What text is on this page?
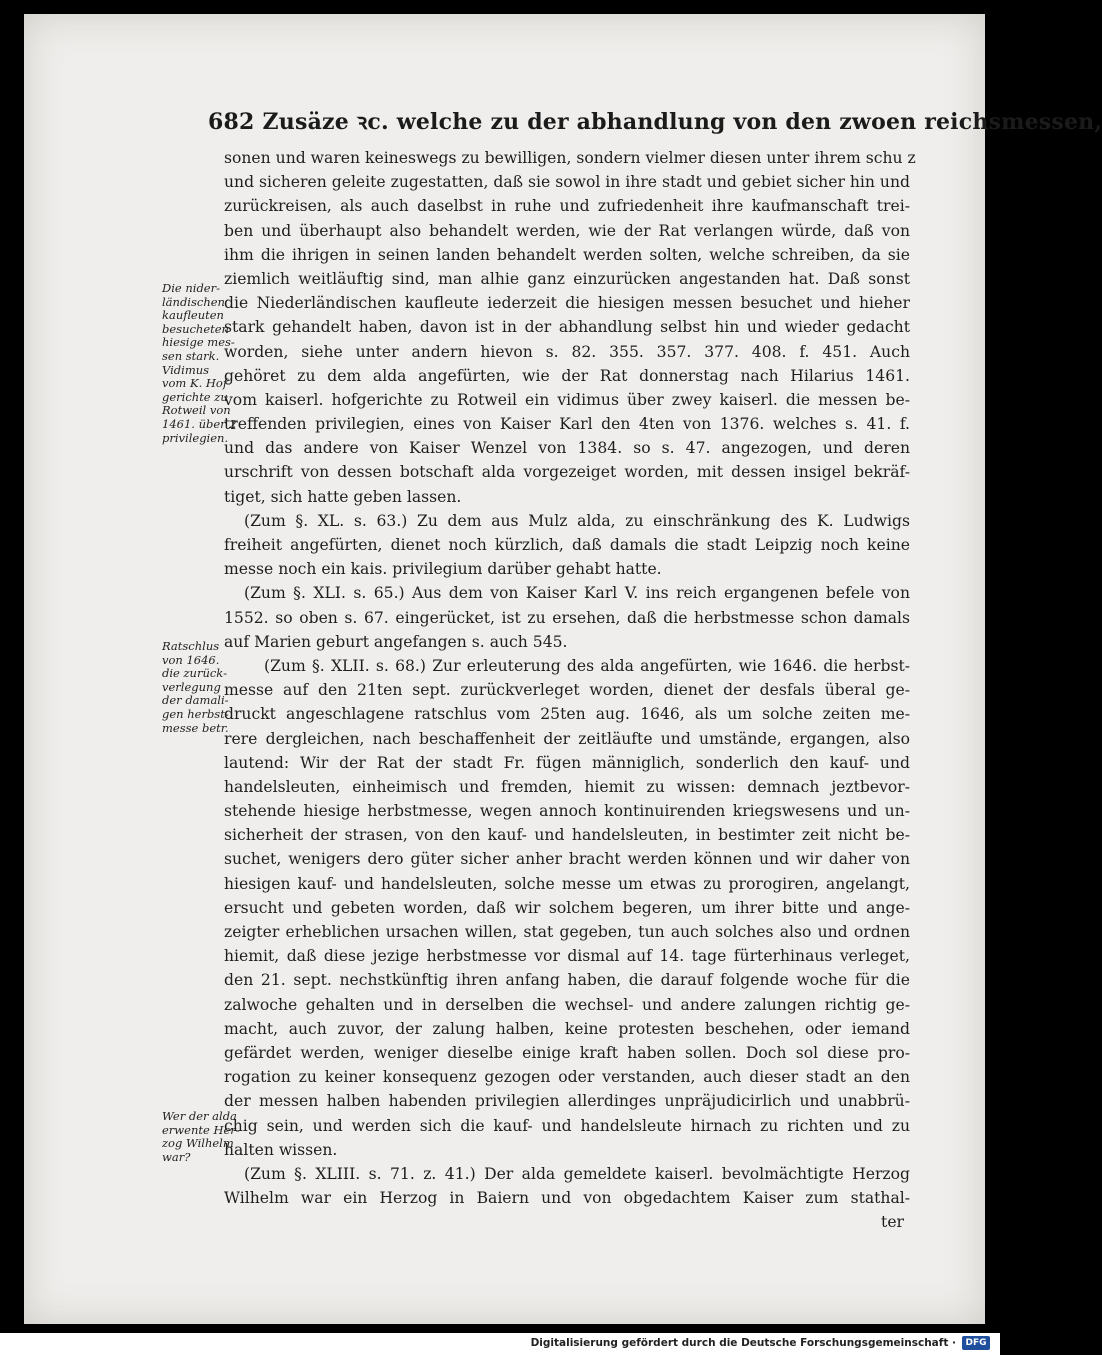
682 Zusäze ꝛc. welche zu der abhandlung von den zwoen reichsmessen,
sonen und waren keineswegs zu bewilligen, sondern vielmer diesen unter ihrem schu z
und sicheren geleite zugestatten, daß sie sowol in ihre stadt und gebiet sicher hin und
zurückreisen, als auch daselbst in ruhe und zufriedenheit ihre kaufmanschaft trei-
ben und überhaupt also behandelt werden, wie der Rat verlangen würde, daß von
ihm die ihrigen in seinen landen behandelt werden solten, welche schreiben, da sie
ziemlich weitläuftig sind, man alhie ganz einzurücken angestanden hat. Daß sonst
die Niederländischen kaufleute iederzeit die hiesigen messen besuchet und hieher
stark gehandelt haben, davon ist in der abhandlung selbst hin und wieder gedacht
worden, siehe unter andern hievon s. 82. 355. 357. 377. 408. f. 451. Auch
gehöret zu dem alda angefürten, wie der Rat donnerstag nach Hilarius 1461.
vom kaiserl. hofgerichte zu Rotweil ein vidimus über zwey kaiserl. die messen be-
treffenden privilegien, eines von Kaiser Karl den 4ten von 1376. welches s. 41. f.
und das andere von Kaiser Wenzel von 1384. so s. 47. angezogen, und deren
urschrift von dessen botschaft alda vorgezeiget worden, mit dessen insigel bekräf-
tiget, sich hatte geben lassen.
(Zum §. XL. s. 63.) Zu dem aus Mulz alda, zu einschränkung des K. Ludwigs
freiheit angefürten, dienet noch kürzlich, daß damals die stadt Leipzig noch keine
messe noch ein kais. privilegium darüber gehabt hatte.
(Zum §. XLI. s. 65.) Aus dem von Kaiser Karl V. ins reich ergangenen befele von
1552. so oben s. 67. eingerücket, ist zu ersehen, daß die herbstmesse schon damals
auf Marien geburt angefangen s. auch 545.
(Zum §. XLII. s. 68.) Zur erleuterung des alda angefürten, wie 1646. die herbst-
messe auf den 21ten sept. zurückverleget worden, dienet der desfals überal ge-
druckt angeschlagene ratschlus vom 25ten aug. 1646, als um solche zeiten me-
rere dergleichen, nach beschaffenheit der zeitläufte und umstände, ergangen, also
lautend: Wir der Rat der stadt Fr. fügen männiglich, sonderlich den kauf- und
handelsleuten, einheimisch und fremden, hiemit zu wissen: demnach jeztbevor-
stehende hiesige herbstmesse, wegen annoch kontinuirenden kriegswesens und un-
sicherheit der strasen, von den kauf- und handelsleuten, in bestimter zeit nicht be-
suchet, wenigers dero güter sicher anher bracht werden können und wir daher von
hiesigen kauf- und handelsleuten, solche messe um etwas zu prorogiren, angelangt,
ersucht und gebeten worden, daß wir solchem begeren, um ihrer bitte und ange-
zeigter erheblichen ursachen willen, stat gegeben, tun auch solches also und ordnen
hiemit, daß diese jezige herbstmesse vor dismal auf 14. tage fürterhinaus verleget,
den 21. sept. nechstkünftig ihren anfang haben, die darauf folgende woche für die
zalwoche gehalten und in derselben die wechsel- und andere zalungen richtig ge-
macht, auch zuvor, der zalung halben, keine protesten beschehen, oder iemand
gefärdet werden, weniger dieselbe einige kraft haben sollen. Doch sol diese pro-
rogation zu keiner konsequenz gezogen oder verstanden, auch dieser stadt an den
der messen halben habenden privilegien allerdinges unpräjudicirlich und unabbrü-
chig sein, und werden sich die kauf- und handelsleute hirnach zu richten und zu
halten wissen.
(Zum §. XLIII. s. 71. z. 41.) Der alda gemeldete kaiserl. bevolmächtigte Herzog
Wilhelm war ein Herzog in Baiern und von obgedachtem Kaiser zum stathal-
ter
Die nider-
ländischen
kaufleuten
besucheten
hiesige mes-
sen stark.
Vidimus
vom K. Hof-
gerichte zu
Rotweil von
1461. über 2
privilegien.
Ratschlus
von 1646.
die zurück-
verlegung
der damali-
gen herbst-
messe betr.
Wer der alda
erwente Her-
zog Wilhelm
war?
Digitalisierung gefördert durch die Deutsche Forschungsgemeinschaft ·	DFG
